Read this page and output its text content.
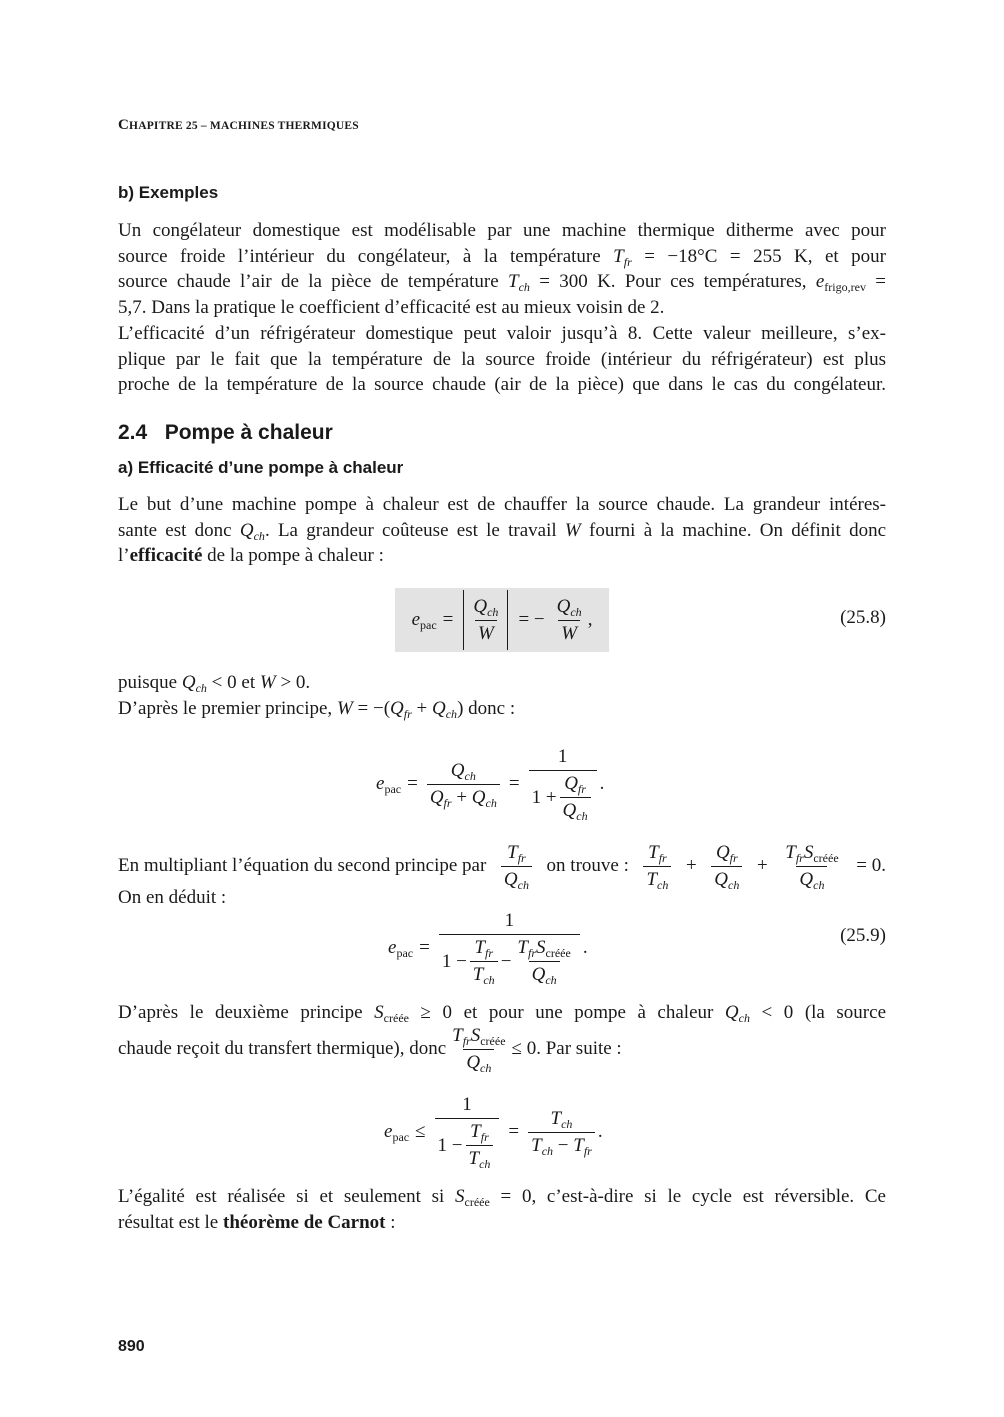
CHAPITRE 25 – MACHINES THERMIQUES
b) Exemples
Un congélateur domestique est modélisable par une machine thermique ditherme avec pour
source froide l’intérieur du congélateur, à la température $T_{fr} = -18^\circ C = 255$ K, et pour
source chaude l’air de la pièce de température $T_{ch} = 300$ K. Pour ces températures, $e_{frigo,rev}$ =
5,7. Dans la pratique le coefficient d’efficacité est au mieux voisin de 2.
L’efficacité d’un réfrigérateur domestique peut valoir jusqu’à 8. Cette valeur meilleure, s’ex-
plique par le fait que la température de la source froide (intérieur du réfrigérateur) est plus
proche de la température de la source chaude (air de la pièce) que dans le cas du congélateur.
2.4   Pompe à chaleur
a) Efficacité d’une pompe à chaleur
Le but d’une machine pompe à chaleur est de chauffer la source chaude. La grandeur intéres-
sante est donc $Q_{ch}$. La grandeur coûteuse est le travail W fourni à la machine. On définit donc
l’efficacité de la pompe à chaleur :
$e_{pac} = \frac{Q_{ch}}{W}$ = − $\frac{Q_{ch}}{W}$ ,	(25.8)
puisque $Q_{ch} < 0$ et W > 0.
D’après le premier principe, $W = -(Q_{fr} + Q_{ch})$ donc :
$e_{pac} = \frac{Q_{ch}}{Q_{fr} + Q_{ch}} = \frac{1}{1 + \frac{Q_{fr}}{Q_{ch}}}$ .
En multipliant l’équation du second principe par $\frac{T_{fr}}{Q_{ch}}$ on trouve : $\frac{T_{fr}}{T_{ch}} + \frac{Q_{fr}}{Q_{ch}} + \frac{T_{fr}S_{créée}}{Q_{ch}} = 0$.
On en déduit :
$e_{pac} = \frac{1}{1 - \frac{T_{fr}}{T_{ch}} - \frac{T_{fr}S_{créée}}{Q_{ch}}}$ .
(25.9)
D’après le deuxième principe $S_{créée} \ge 0$ et pour une pompe à chaleur $Q_{ch} < 0$ (la source
chaude reçoit du transfert thermique), donc $\frac{T_{fr}S_{créée}}{Q_{ch}} \le 0$. Par suite :
$e_{pac} \le \frac{1}{1 - \frac{T_{fr}}{T_{ch}}} = \frac{T_{ch}}{T_{ch} - T_{fr}}$ .
L’égalité est réalisée si et seulement si $S_{créée} = 0$, c’est-à-dire si le cycle est réversible. Ce
résultat est le théorème de Carnot :
890
